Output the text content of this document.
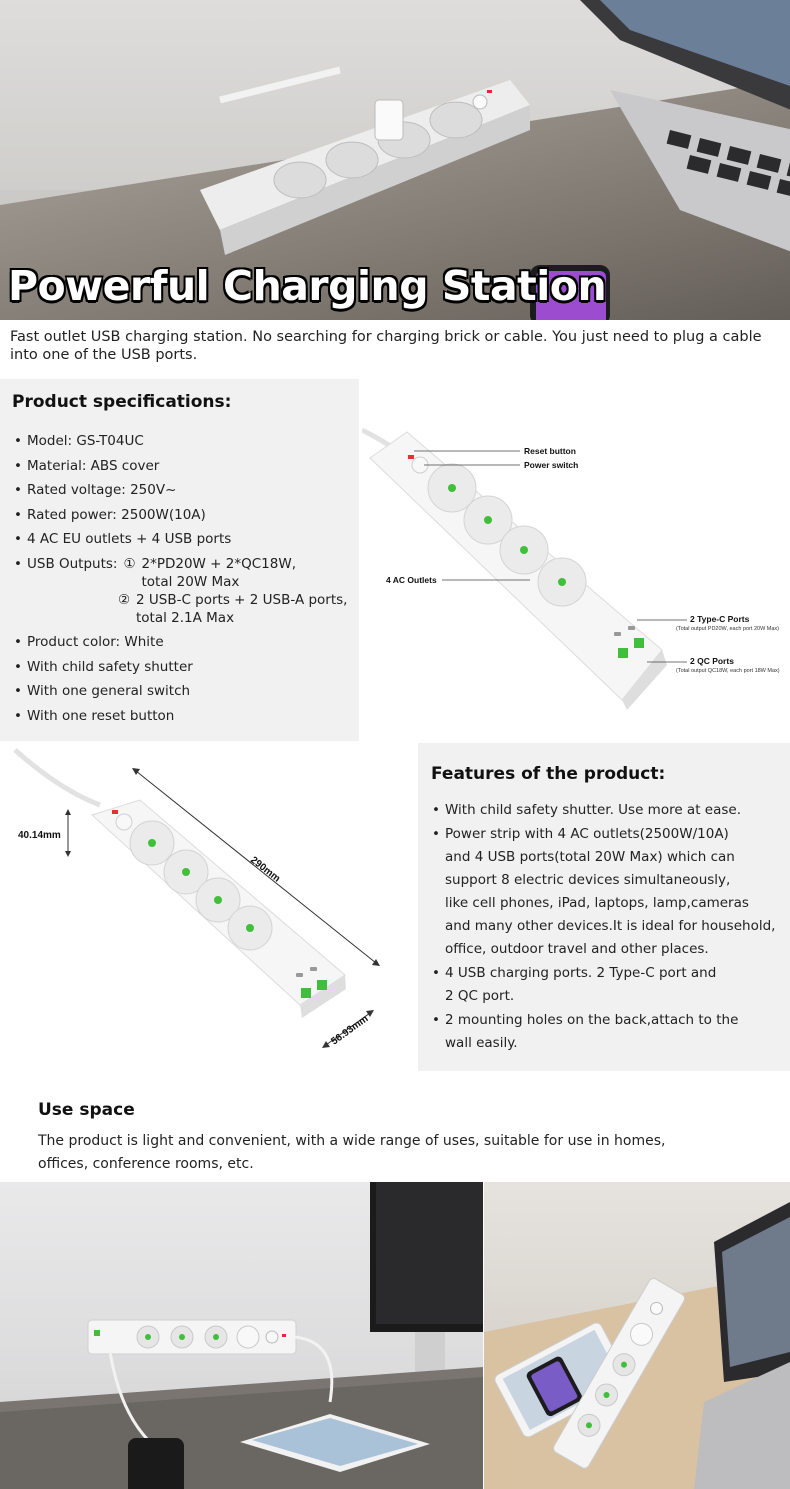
Powerful Charging Station

Fast outlet USB charging station. No searching for charging brick or cable. You just need to plug a cable into one of the USB ports.

Product specifications:
• Model: GS-T04UC
• Material: ABS cover
• Rated voltage: 250V~
• Rated power: 2500W(10A)
• 4 AC EU outlets + 4 USB ports
• USB Outputs: ① 2*PD20W + 2*QC18W,
total 20W Max
② 2 USB-C ports + 2 USB-A ports,
total 2.1A Max
• Product color: White
• With child safety shutter
• With one general switch
• With one reset button
Reset button
Power switch
4 AC Outlets
2 Type-C Ports
(Total output PD20W, each port 20W Max)
2 QC Ports
(Total output QC18W, each port 18W Max)
40.14mm
290mm
56.93mm
Features of the product:
• With child safety shutter. Use more at ease.
• Power strip with 4 AC outlets(2500W/10A)
and 4 USB ports(total 20W Max) which can
support 8 electric devices simultaneously,
like cell phones, iPad, laptops, lamp,cameras
and many other devices.It is ideal for household,
office, outdoor travel and other places.
• 4 USB charging ports. 2 Type-C port and
2 QC port.
• 2 mounting holes on the back,attach to the
wall easily.
Use space
The product is light and convenient, with a wide range of uses, suitable for use in homes,
offices, conference rooms, etc.
